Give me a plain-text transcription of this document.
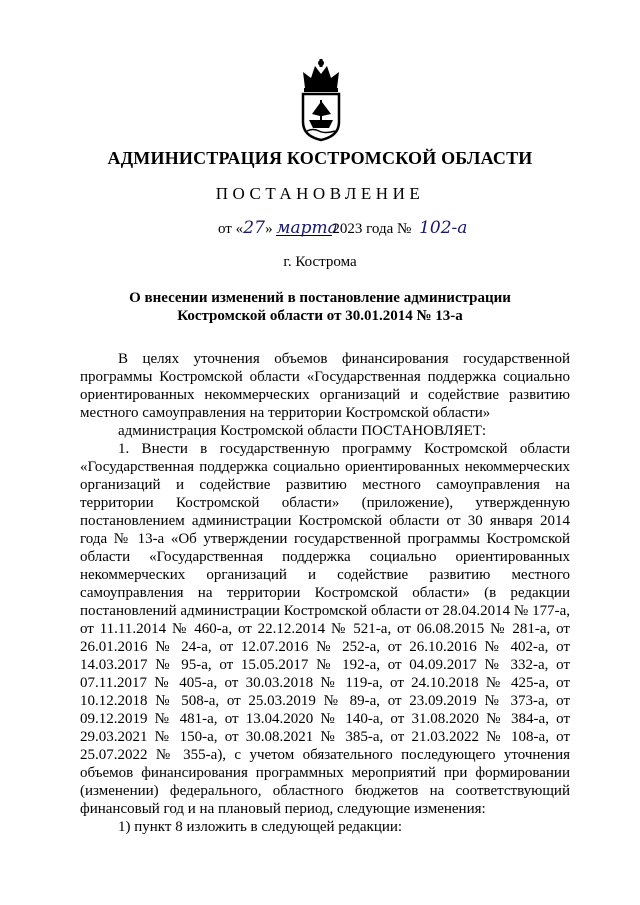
АДМИНИСТРАЦИЯ КОСТРОМСКОЙ ОБЛАСТИ
ПОСТАНОВЛЕНИЕ
от «27» марта2023 года № 102-а
г. Кострома
О внесении изменений в постановление администрации
Костромской области от 30.01.2014 № 13-а

В целях уточнения объемов финансирования государственной программы Костромской области «Государственная поддержка социально ориентированных некоммерческих организаций и содействие развитию местного самоуправления на территории Костромской области»

администрация Костромской области ПОСТАНОВЛЯЕТ:

1. Внести в государственную программу Костромской области «Государственная поддержка социально ориентированных некоммерческих организаций и содействие развитию местного самоуправления на территории Костромской области» (приложение), утвержденную постановлением администрации Костромской области от 30 января 2014 года № 13-а «Об утверждении государственной программы Костромской области «Государственная поддержка социально ориентированных некоммерческих организаций и содействие развитию местного самоуправления на территории Костромской области» (в редакции постановлений администрации Костромской области от 28.04.2014 № 177-а, от 11.11.2014 № 460-а, от 22.12.2014 № 521-а, от 06.08.2015 № 281-а, от 26.01.2016 № 24-а, от 12.07.2016 № 252-а, от 26.10.2016 № 402-а, от 14.03.2017 № 95-а, от 15.05.2017 № 192-а, от 04.09.2017 № 332-а, от 07.11.2017 № 405-а, от 30.03.2018 № 119-а, от 24.10.2018 № 425-а, от 10.12.2018 № 508-а, от 25.03.2019 № 89-а, от 23.09.2019 № 373-а, от 09.12.2019 № 481-а, от 13.04.2020 № 140-а, от 31.08.2020 № 384-а, от 29.03.2021 № 150-а, от 30.08.2021 № 385-а, от 21.03.2022 № 108-а, от 25.07.2022 № 355-а), с учетом обязательного последующего уточнения объемов финансирования программных мероприятий при формировании (изменении) федерального, областного бюджетов на соответствующий финансовый год и на плановый период, следующие изменения:

1) пункт 8 изложить в следующей редакции:
